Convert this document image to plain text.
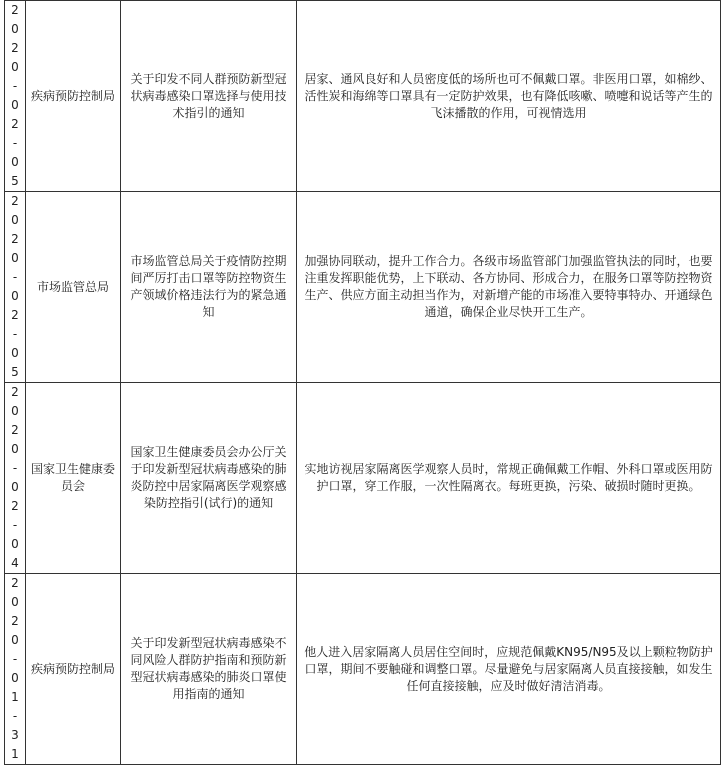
2020-02-05	疾病预防控制局	关于印发不同人群预防新型冠状病毒感染口罩选择与使用技术指引的通知	居家、通风良好和人员密度低的场所也可不佩戴口罩。非医用口罩，如棉纱、活性炭和海绵等口罩具有一定防护效果，也有降低咳嗽、喷嚏和说话等产生的飞沫播散的作用，可视情选用

2020-02-05	市场监管总局	市场监管总局关于疫情防控期间严厉打击口罩等防控物资生产领域价格违法行为的紧急通知	加强协同联动，提升工作合力。各级市场监管部门加强监管执法的同时，也要注重发挥职能优势，上下联动、各方协同、形成合力，在服务口罩等防控物资生产、供应方面主动担当作为，对新增产能的市场准入要特事特办、开通绿色通道，确保企业尽快开工生产。

2020-02-04	国家卫生健康委员会	国家卫生健康委员会办公厅关于印发新型冠状病毒感染的肺炎防控中居家隔离医学观察感染防控指引(试行)的通知	实地访视居家隔离医学观察人员时，常规正确佩戴工作帽、外科口罩或医用防护口罩，穿工作服，一次性隔离衣。每班更换，污染、破损时随时更换。

2020-01-31	疾病预防控制局	关于印发新型冠状病毒感染不同风险人群防护指南和预防新型冠状病毒感染的肺炎口罩使用指南的通知	他人进入居家隔离人员居住空间时，应规范佩戴KN95/N95及以上颗粒物防护口罩，期间不要触碰和调整口罩。尽量避免与居家隔离人员直接接触，如发生任何直接接触，应及时做好清洁消毒。
